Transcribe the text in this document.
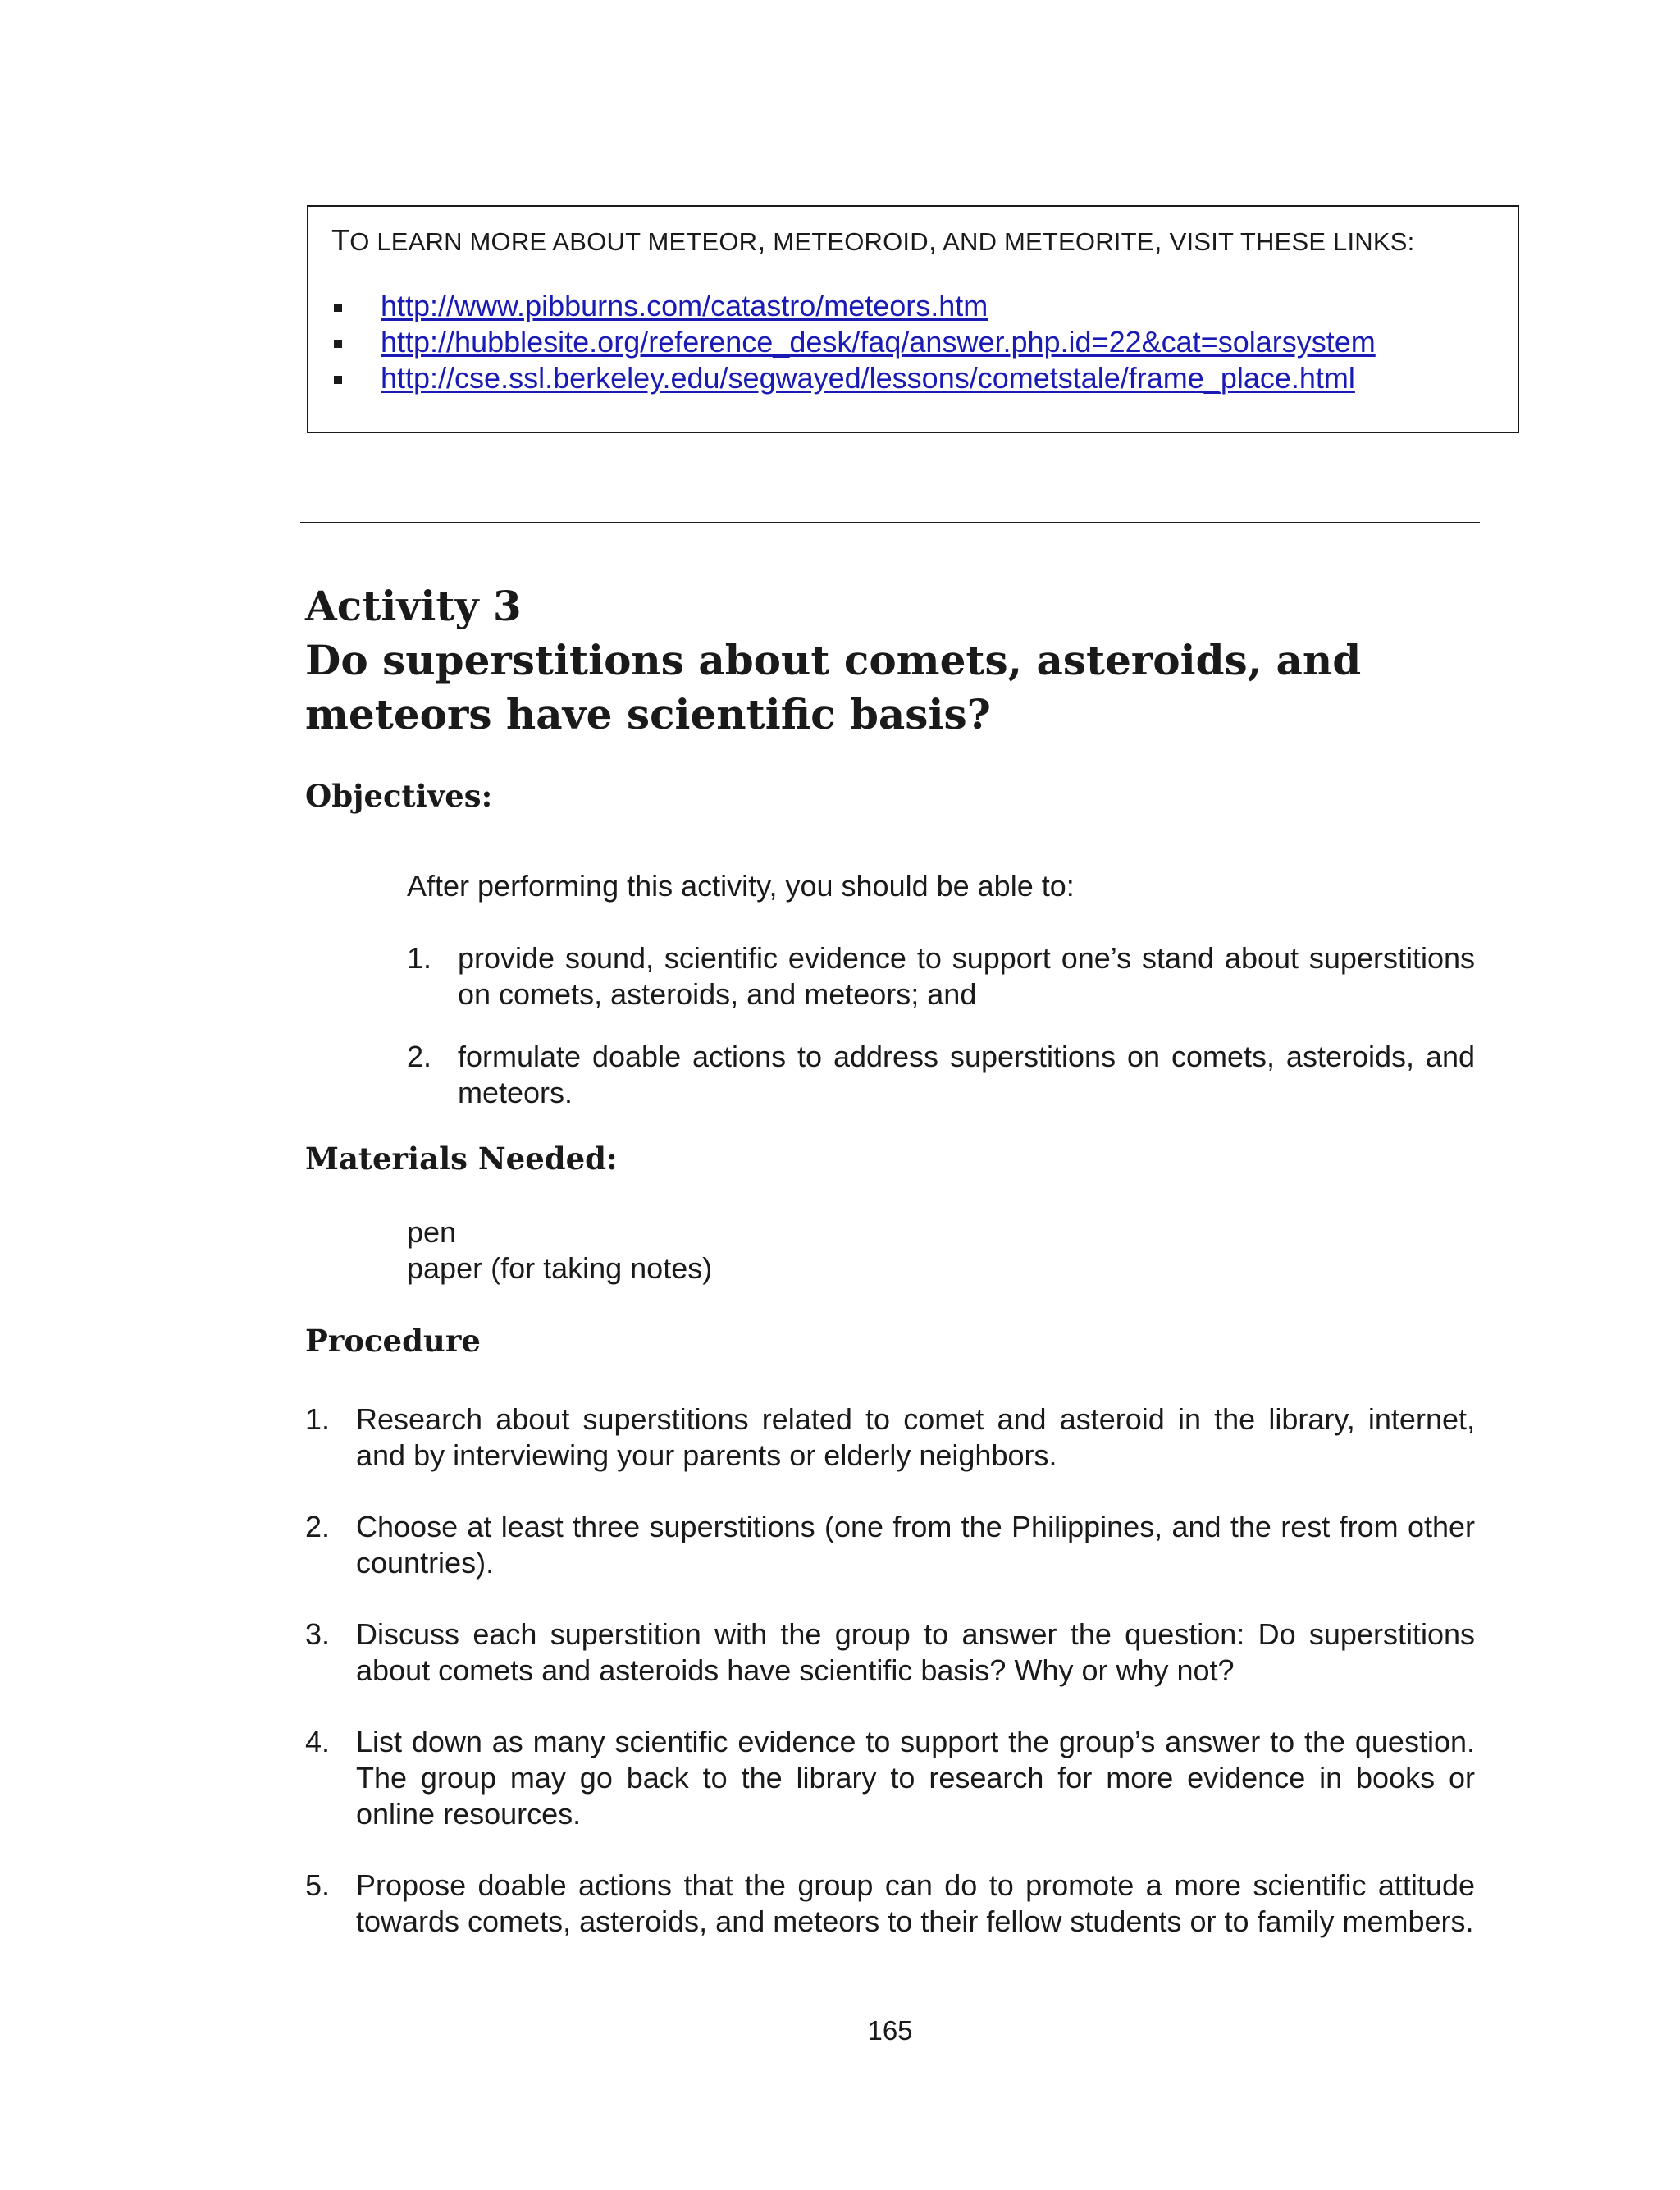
TO LEARN MORE ABOUT METEOR, METEOROID, AND METEORITE, VISIT THESE LINKS:
http://www.pibburns.com/catastro/meteors.htm
http://hubblesite.org/reference_desk/faq/answer.php.id=22&cat=solarsystem
http://cse.ssl.berkeley.edu/segwayed/lessons/cometstale/frame_place.html
Activity 3
Do superstitions about comets, asteroids, and
meteors have scientific basis?
Objectives:

After performing this activity, you should be able to:

1. provide sound, scientific evidence to support one’s stand about superstitions on comets, asteroids, and meteors; and
2. formulate doable actions to address superstitions on comets, asteroids, and meteors.
Materials Needed:

pen

paper (for taking notes)

Procedure
1. Research about superstitions related to comet and asteroid in the library, internet, and by interviewing your parents or elderly neighbors.
2. Choose at least three superstitions (one from the Philippines, and the rest from other countries).
3. Discuss each superstition with the group to answer the question: Do superstitions about comets and asteroids have scientific basis? Why or why not?
4. List down as many scientific evidence to support the group’s answer to the question. The group may go back to the library to research for more evidence in books or online resources.
5. Propose doable actions that the group can do to promote a more scientific attitude towards comets, asteroids, and meteors to their fellow students or to family members.
165
